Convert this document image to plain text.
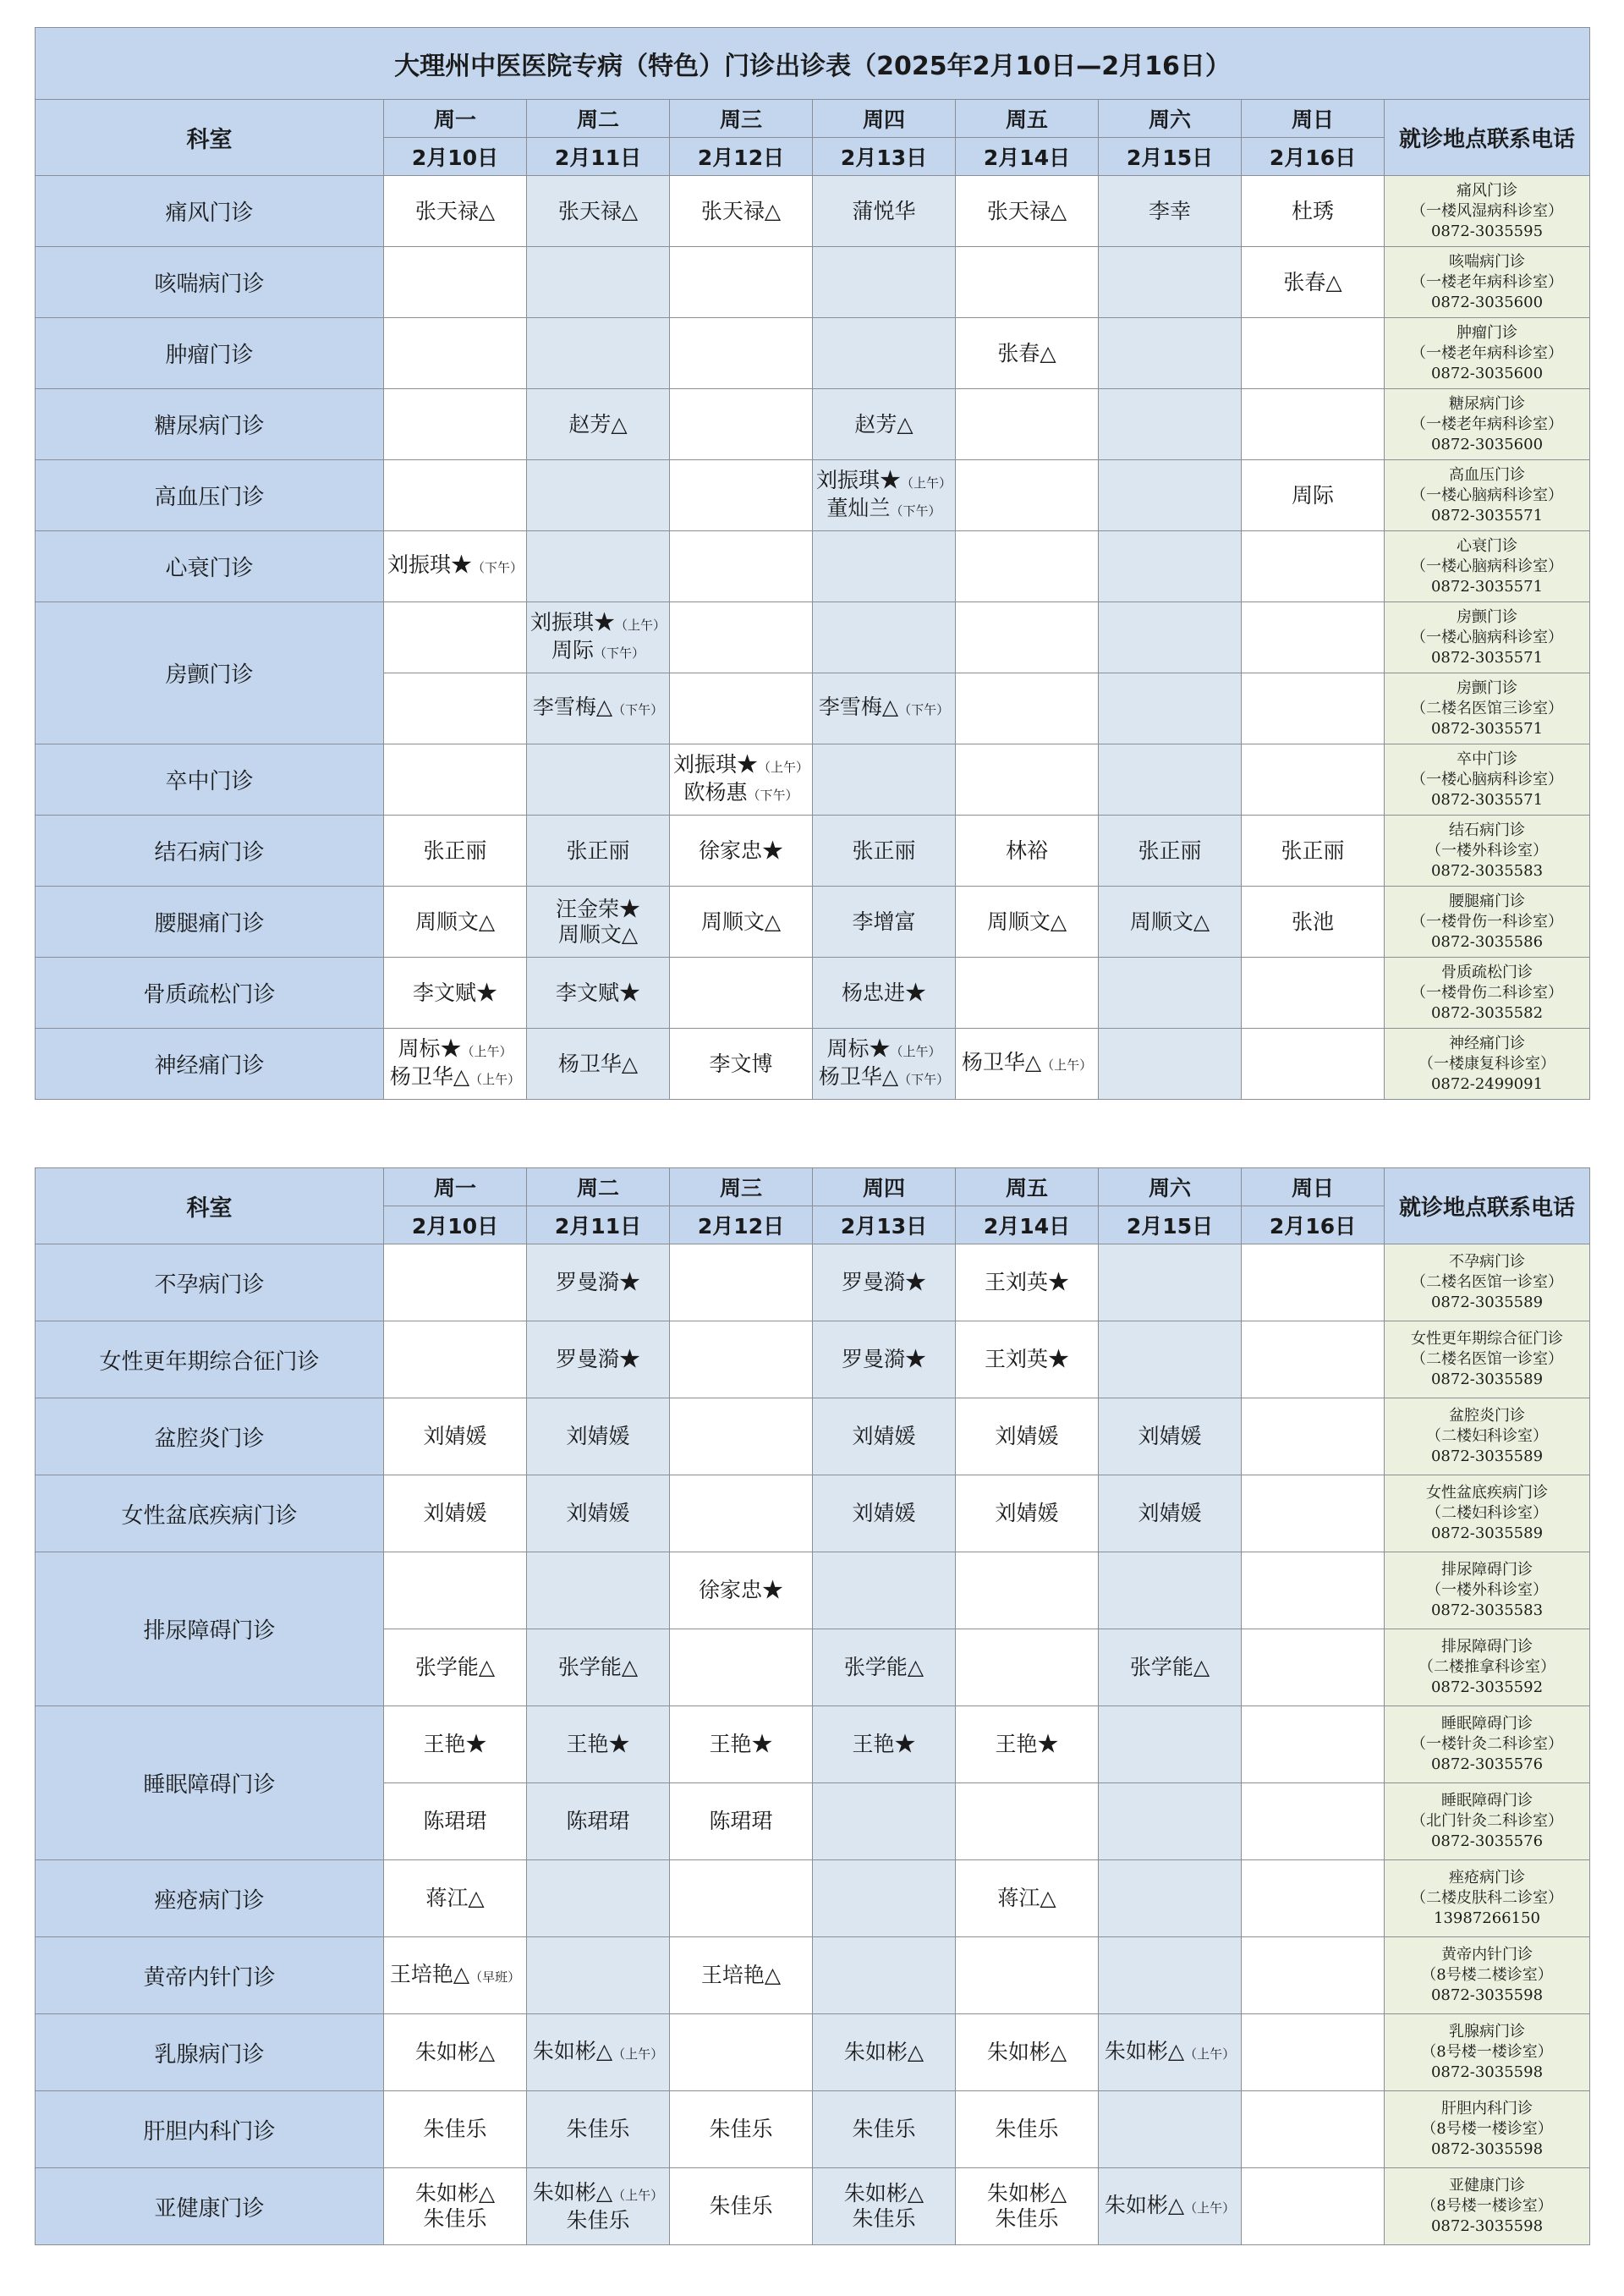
大理州中医医院专病（特色）门诊出诊表（2025年2月10日—2月16日）								
科室	周一	周二	周三	周四	周五	周六	周日	就诊地点联系电话
	2月10日	2月11日	2月12日	2月13日	2月14日	2月15日	2月16日	
痛风门诊	张天禄△	张天禄△	张天禄△	蒲悦华	张天禄△	李幸	杜琇	痛风门诊
（一楼风湿病科诊室）
0872-3035595

咳喘病门诊							张春△	咳喘病门诊
（一楼老年病科诊室）
0872-3035600

肿瘤门诊					张春△			肿瘤门诊
（一楼老年病科诊室）
0872-3035600

糖尿病门诊		赵芳△		赵芳△				糖尿病门诊
（一楼老年病科诊室）
0872-3035600

高血压门诊				刘振琪★（上午）
董灿兰（下午）			周际	高血压门诊
（一楼心脑病科诊室）
0872-3035571

心衰门诊	刘振琪★（下午）							心衰门诊
（一楼心脑病科诊室）
0872-3035571

房颤门诊		刘振琪★（上午）
周际（下午）						房颤门诊
（一楼心脑病科诊室）
0872-3035571

		李雪梅△（下午）		李雪梅△（下午）				房颤门诊
（二楼名医馆三诊室）
0872-3035571

卒中门诊			刘振琪★（上午）
欧杨惠（下午）					卒中门诊
（一楼心脑病科诊室）
0872-3035571

结石病门诊	张正丽	张正丽	徐家忠★	张正丽	林裕	张正丽	张正丽	结石病门诊
（一楼外科诊室）
0872-3035583

腰腿痛门诊	周顺文△	汪金荣★
周顺文△	周顺文△	李增富	周顺文△	周顺文△	张池	腰腿痛门诊
（一楼骨伤一科诊室）
0872-3035586

骨质疏松门诊	李文赋★	李文赋★		杨忠进★				骨质疏松门诊
（一楼骨伤二科诊室）
0872-3035582

神经痛门诊	周标★（上午）
杨卫华△（上午）	杨卫华△	李文博	周标★（上午）
杨卫华△（下午）	杨卫华△（上午）			神经痛门诊
（一楼康复科诊室）
0872-2499091
科室	周一	周二	周三	周四	周五	周六	周日	就诊地点联系电话
	2月10日	2月11日	2月12日	2月13日	2月14日	2月15日	2月16日	
不孕病门诊		罗曼漪★		罗曼漪★	王刘英★			不孕病门诊
（二楼名医馆一诊室）
0872-3035589

女性更年期综合征门诊		罗曼漪★		罗曼漪★	王刘英★			女性更年期综合征门诊
（二楼名医馆一诊室）
0872-3035589

盆腔炎门诊	刘婧媛	刘婧媛		刘婧媛	刘婧媛	刘婧媛		盆腔炎门诊
（二楼妇科诊室）
0872-3035589

女性盆底疾病门诊	刘婧媛	刘婧媛		刘婧媛	刘婧媛	刘婧媛		女性盆底疾病门诊
（二楼妇科诊室）
0872-3035589

排尿障碍门诊			徐家忠★					排尿障碍门诊
（一楼外科诊室）
0872-3035583

	张学能△	张学能△		张学能△		张学能△		排尿障碍门诊
（二楼推拿科诊室）
0872-3035592

睡眠障碍门诊	王艳★	王艳★	王艳★	王艳★	王艳★			睡眠障碍门诊
（一楼针灸二科诊室）
0872-3035576

	陈珺珺	陈珺珺	陈珺珺					睡眠障碍门诊
（北门针灸二科诊室）
0872-3035576

痤疮病门诊	蒋江△				蒋江△			痤疮病门诊
（二楼皮肤科二诊室）
13987266150

黄帝内针门诊	王培艳△（早班）		王培艳△					黄帝内针门诊
（8号楼二楼诊室）
0872-3035598

乳腺病门诊	朱如彬△	朱如彬△（上午）		朱如彬△	朱如彬△	朱如彬△（上午）		乳腺病门诊
（8号楼一楼诊室）
0872-3035598

肝胆内科门诊	朱佳乐	朱佳乐	朱佳乐	朱佳乐	朱佳乐			肝胆内科门诊
（8号楼一楼诊室）
0872-3035598

亚健康门诊	朱如彬△
朱佳乐	朱如彬△（上午）
朱佳乐	朱佳乐	朱如彬△
朱佳乐	朱如彬△
朱佳乐	朱如彬△（上午）		亚健康门诊
（8号楼一楼诊室）
0872-3035598
